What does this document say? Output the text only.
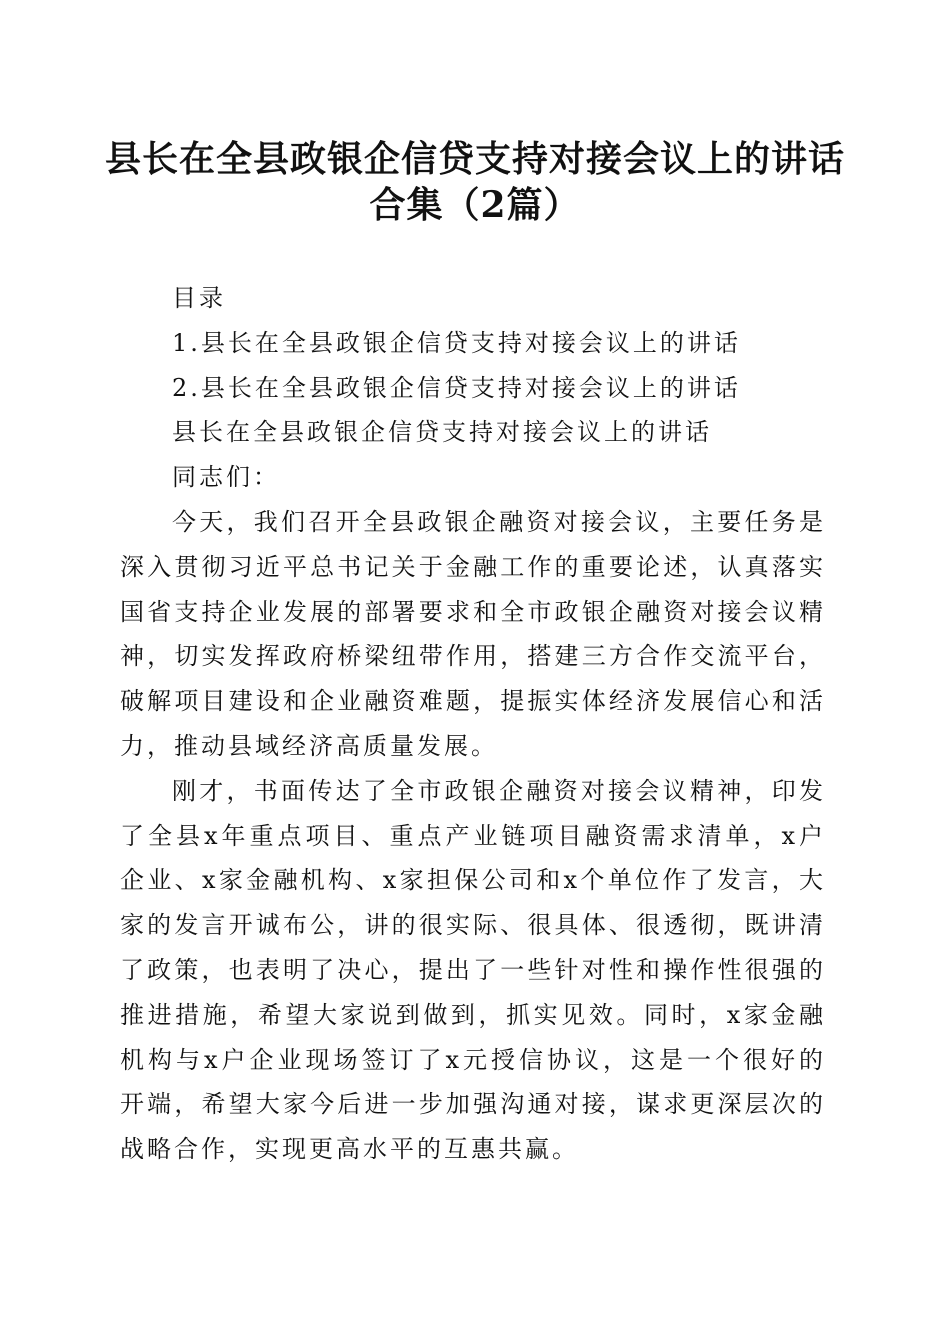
县长在全县政银企信贷支持对接会议上的讲话
合集（2篇）
目录
1.县长在全县政银企信贷支持对接会议上的讲话
2.县长在全县政银企信贷支持对接会议上的讲话
县长在全县政银企信贷支持对接会议上的讲话
同志们：
今天，我们召开全县政银企融资对接会议，主要任务是深入贯彻习近平总书记关于金融工作的重要论述，认真落实国省支持企业发展的部署要求和全市政银企融资对接会议精神，切实发挥政府桥梁纽带作用，搭建三方合作交流平台，破解项目建设和企业融资难题，提振实体经济发展信心和活力，推动县域经济高质量发展。
刚才，书面传达了全市政银企融资对接会议精神，印发了全县x年重点项目、重点产业链项目融资需求清单，x户企业、x家金融机构、x家担保公司和x个单位作了发言，大家的发言开诚布公，讲的很实际、很具体、很透彻，既讲清了政策，也表明了决心，提出了一些针对性和操作性很强的推进措施，希望大家说到做到，抓实见效。同时，x家金融机构与x户企业现场签订了x元授信协议，这是一个很好的开端，希望大家今后进一步加强沟通对接，谋求更深层次的战略合作，实现更高水平的互惠共赢。
